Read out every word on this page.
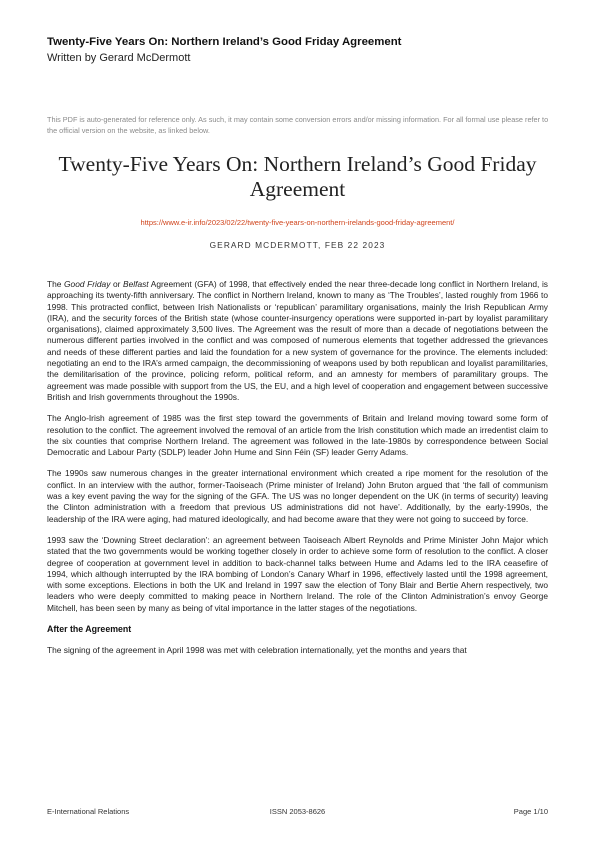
Twenty-Five Years On: Northern Ireland’s Good Friday Agreement
Written by Gerard McDermott
This PDF is auto-generated for reference only. As such, it may contain some conversion errors and/or missing information. For all formal use please refer to the official version on the website, as linked below.
Twenty-Five Years On: Northern Ireland’s Good Friday Agreement
https://www.e-ir.info/2023/02/22/twenty-five-years-on-northern-irelands-good-friday-agreement/
GERARD MCDERMOTT, FEB 22 2023

The Good Friday or Belfast Agreement (GFA) of 1998, that effectively ended the near three-decade long conflict in Northern Ireland, is approaching its twenty-fifth anniversary. The conflict in Northern Ireland, known to many as ‘The Troubles’, lasted roughly from 1966 to 1998. This protracted conflict, between Irish Nationalists or ‘republican’ paramilitary organisations, mainly the Irish Republican Army (IRA), and the security forces of the British state (whose counter-insurgency operations were supported in-part by loyalist paramilitary organisations), claimed approximately 3,500 lives. The Agreement was the result of more than a decade of negotiations between the numerous different parties involved in the conflict and was composed of numerous elements that together addressed the grievances and needs of these different parties and laid the foundation for a new system of governance for the province. The elements included: negotiating an end to the IRA’s armed campaign, the decommissioning of weapons used by both republican and loyalist paramilitaries, the demilitarisation of the province, policing reform, political reform, and an amnesty for members of paramilitary groups. The agreement was made possible with support from the US, the EU, and a high level of cooperation and engagement between successive British and Irish governments throughout the 1990s.

The Anglo-Irish agreement of 1985 was the first step toward the governments of Britain and Ireland moving toward some form of resolution to the conflict. The agreement involved the removal of an article from the Irish constitution which made an irredentist claim to the six counties that comprise Northern Ireland. The agreement was followed in the late-1980s by correspondence between Social Democratic and Labour Party (SDLP) leader John Hume and Sinn Féin (SF) leader Gerry Adams.

The 1990s saw numerous changes in the greater international environment which created a ripe moment for the resolution of the conflict. In an interview with the author, former-Taoiseach (Prime minister of Ireland) John Bruton argued that ‘the fall of communism was a key event paving the way for the signing of the GFA. The US was no longer dependent on the UK (in terms of security) leaving the Clinton administration with a freedom that previous US administrations did not have’. Additionally, by the early-1990s, the leadership of the IRA were aging, had matured ideologically, and had become aware that they were not going to succeed by force.

1993 saw the ‘Downing Street declaration’: an agreement between Taoiseach Albert Reynolds and Prime Minister John Major which stated that the two governments would be working together closely in order to achieve some form of resolution to the conflict. A closer degree of cooperation at government level in addition to back-channel talks between Hume and Adams led to the IRA ceasefire of 1994, which although interrupted by the IRA bombing of London’s Canary Wharf in 1996, effectively lasted until the 1998 agreement, with some exceptions. Elections in both the UK and Ireland in 1997 saw the election of Tony Blair and Bertie Ahern respectively, two leaders who were deeply committed to making peace in Northern Ireland. The role of the Clinton Administration’s envoy George Mitchell, has been seen by many as being of vital importance in the latter stages of the negotiations.

After the Agreement

The signing of the agreement in April 1998 was met with celebration internationally, yet the months and years that

E-International Relations	ISSN 2053-8626	Page 1/10
